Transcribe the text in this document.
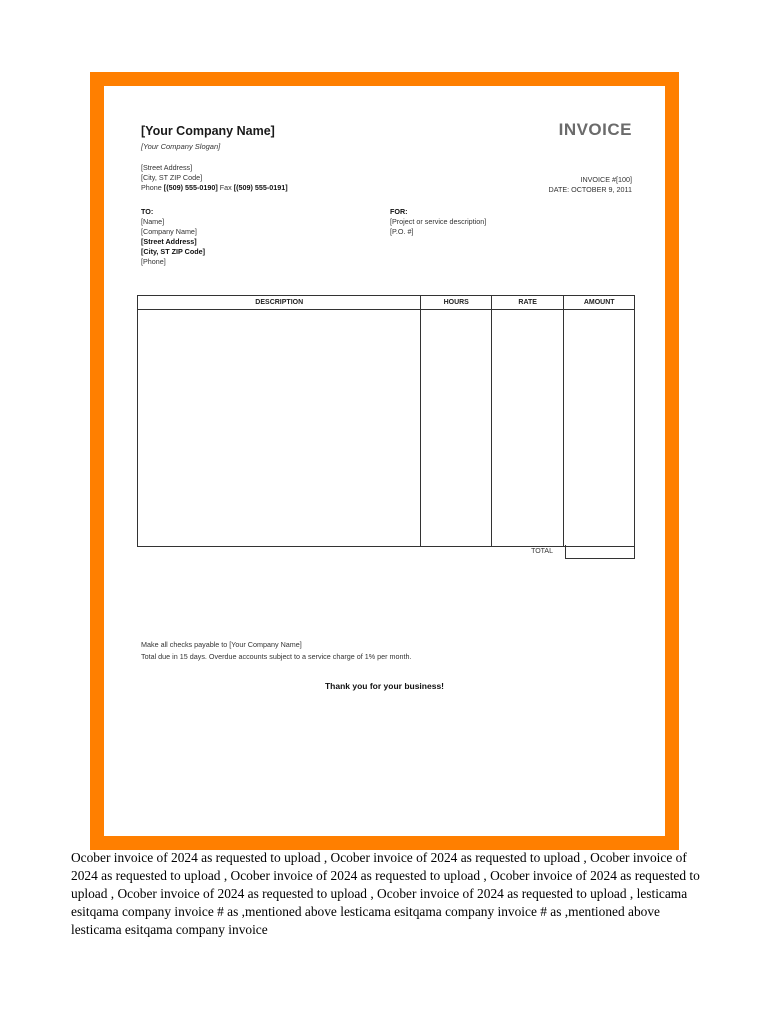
[Your Company Name]
[Your Company Slogan]
INVOICE
[Street Address]
[City, ST ZIP Code]
Phone [(509) 555-0190] Fax [(509) 555-0191]
INVOICE #[100]
DATE: OCTOBER 9, 2011
TO:
[Name]
[Company Name]
[Street Address]
[City, ST ZIP Code]
[Phone]
FOR:
[Project or service description]
[P.O. #]
DESCRIPTION	HOURS	RATE	AMOUNT

TOTAL
Make all checks payable to [Your Company Name]
Total due in 15 days. Overdue accounts subject to a service charge of 1% per month.
Thank you for your business!
Ocober invoice of 2024 as requested to upload , Ocober invoice of 2024 as requested to upload , Ocober invoice of 2024 as requested to upload , Ocober invoice of 2024 as requested to upload , Ocober invoice of 2024 as requested to upload , Ocober invoice of 2024 as requested to upload , Ocober invoice of 2024 as requested to upload , lesticama esitqama company invoice # as ,mentioned above lesticama esitqama company invoice # as ,mentioned above lesticama esitqama company invoice
